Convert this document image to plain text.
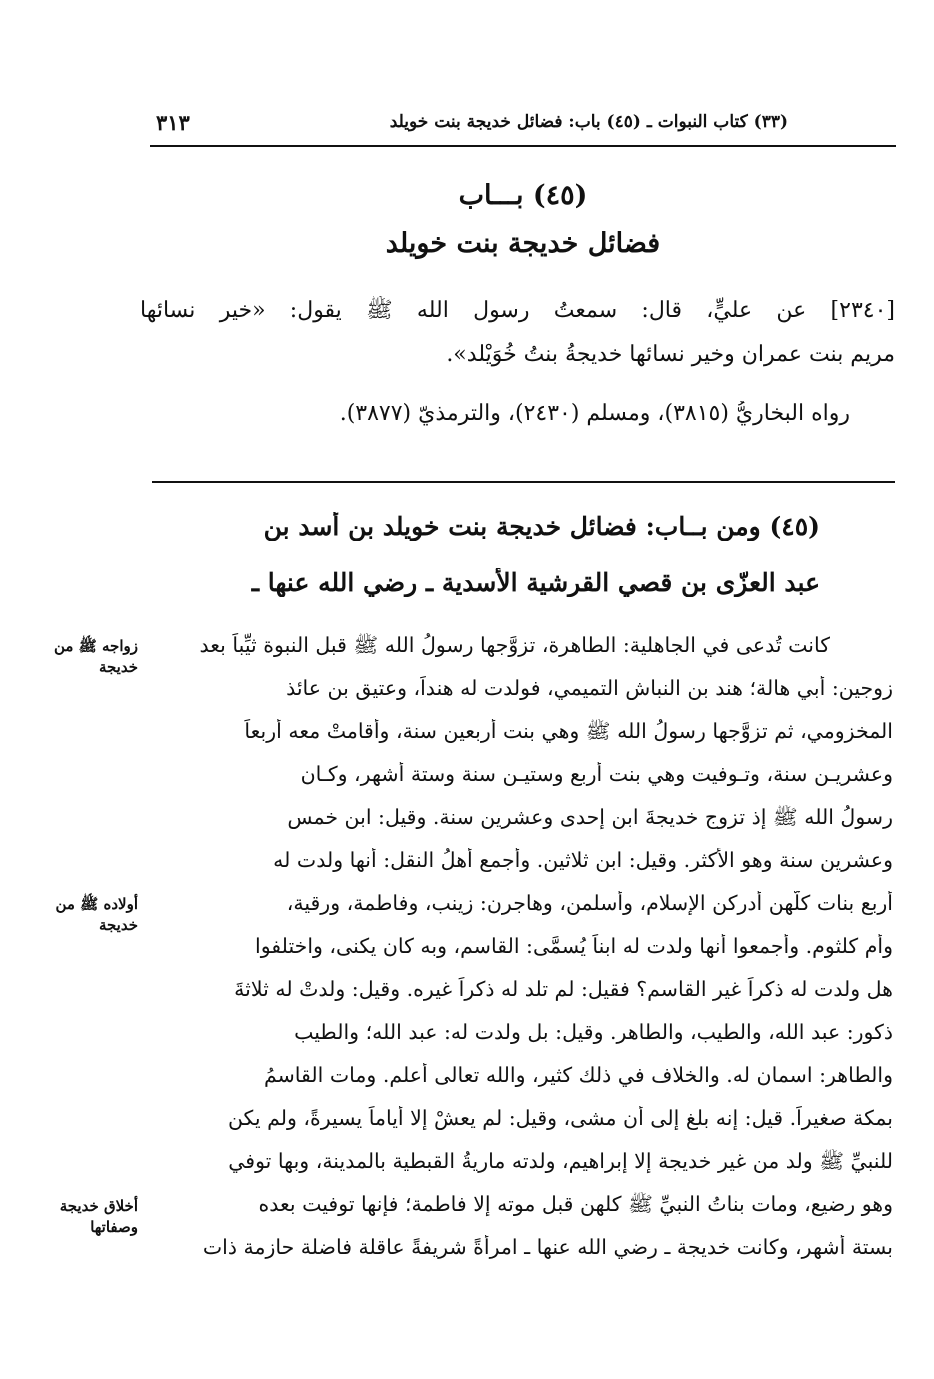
(٣٣) كتاب النبوات ـ (٤٥) باب: فضائل خديجة بنت خويلد
٣١٣
(٤٥) بـــاب
فضائل خديجة بنت خويلد
[٢٣٤٠] عن عليٍّ، قال: سمعتُ رسول الله ﷺ يقول: «خير نسائها
مريم بنت عمران وخير نسائها خديجةُ بنتُ خُوَيْلد».
رواه البخاريُّ (٣٨١٥)، ومسلم (٢٤٣٠)، والترمذيّ (٣٨٧٧).
(٤٥) ومن بــاب: فضائل خديجة بنت خويلد بن أسد بن
عبد العزّى بن قصي القرشية الأسدية ـ رضي الله عنها ـ
كانت تُدعى في الجاهلية: الطاهرة، تزوَّجها رسولُ الله ﷺ قبل النبوة ثيِّباً بعد
زوجين: أبي هالة؛ هند بن النباش التميمي، فولدت له هنداً، وعتيق بن عائذ
المخزومي، ثم تزوَّجها رسولُ الله ﷺ وهي بنت أربعين سنة، وأقامتْ معه أربعاً
وعشريـن سنة، وتـوفيت وهي بنت أربع وستيـن سنة وستة أشهر، وكـان
رسولُ الله ﷺ إذ تزوج خديجةَ ابن إحدى وعشرين سنة. وقيل: ابن خمس
وعشرين سنة وهو الأكثر. وقيل: ابن ثلاثين. وأجمع أهلُ النقل: أنها ولدت له
أربع بنات كلّهن أدركن الإسلام، وأسلمن، وهاجرن: زينب، وفاطمة، ورقية،
وأم كلثوم. وأجمعوا أنها ولدت له ابناً يُسمَّى: القاسم، وبه كان يكنى، واختلفوا
هل ولدت له ذكراً غير القاسم؟ فقيل: لم تلد له ذكراً غيره. وقيل: ولدتْ له ثلاثةَ
ذكور: عبد الله، والطيب، والطاهر. وقيل: بل ولدت له: عبد الله؛ والطيب
والطاهر: اسمان له. والخلاف في ذلك كثير، والله تعالى أعلم. ومات القاسمُ
بمكة صغيراً. قيل: إنه بلغ إلى أن مشى، وقيل: لم يعشْ إلا أياماً يسيرةً، ولم يكن
للنبيِّ ﷺ ولد من غير خديجة إلا إبراهيم، ولدته ماريةُ القبطية بالمدينة، وبها توفي
وهو رضيع، ومات بناتُ النبيِّ ﷺ كلهن قبل موته إلا فاطمة؛ فإنها توفيت بعده
بستة أشهر، وكانت خديجة ـ رضي الله عنها ـ امرأةً شريفةً عاقلة فاضلة حازمة ذات
زواجه ﷺ من خديجة
أولاده ﷺ من خديجة
أخلاق خديجة وصفاتها
